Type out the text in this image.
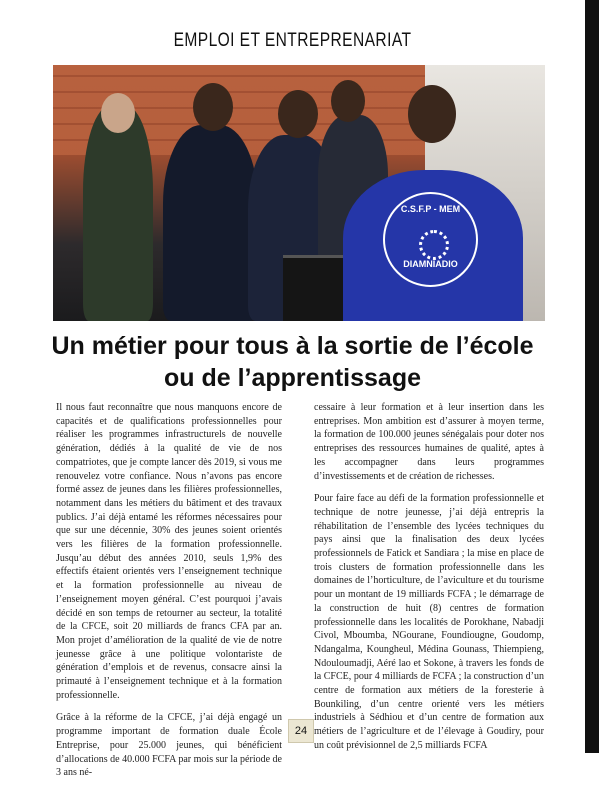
EMPLOI ET ENTREPRENARIAT
C.S.F.P - MEM
DIAMNIADIO
Un métier pour tous à la sortie de l’école
ou de l’apprentissage

Il nous faut reconnaître que nous manquons encore de capacités et de qualifications professionnelles pour réaliser les programmes infrastructurels de nouvelle génération, dédiés à la qualité de vie de nos compatriotes, que je compte lancer dès 2019, si vous me renouvelez votre confiance. Nous n’avons pas encore formé assez de jeunes dans les filières professionnelles, notamment dans les métiers du bâtiment et des travaux publics. J’ai déjà entamé les réformes nécessaires pour que sur une décennie, 30% des jeunes soient orientés vers les filières de la formation professionnelle. Jusqu’au début des années 2010, seuls 1,9% des effectifs étaient orientés vers l’enseignement technique et la formation professionnelle au niveau de l’enseignement moyen général. C’est pourquoi j’avais décidé en son temps de retourner au secteur, la totalité de la CFCE, soit 20 milliards de francs CFA par an. Mon projet d’amélioration de la qualité de vie de notre jeunesse grâce à une politique volontariste de génération d’emplois et de revenus, consacre ainsi la primauté à l’enseignement technique et à la formation professionnelle.

Grâce à la réforme de la CFCE, j’ai déjà engagé un programme important de formation duale École Entreprise, pour 25.000 jeunes, qui bénéficient d’allocations de 40.000 FCFA par mois sur la période de 3 ans né-

cessaire à leur formation et à leur insertion dans les entreprises. Mon ambition est d’assurer à moyen terme, la formation de 100.000 jeunes sénégalais pour doter nos entreprises des ressources humaines de qualité, aptes à les accompagner dans leurs programmes d’investissements et de création de richesses.

Pour faire face au défi de la formation professionnelle et technique de notre jeunesse, j’ai déjà entrepris la réhabilitation de l’ensemble des lycées techniques du pays ainsi que la finalisation des deux lycées professionnels de Fatick et Sandiara ; la mise en place de trois clusters de formation professionnelle dans les domaines de l’horticulture, de l’aviculture et du tourisme pour un montant de 19 milliards FCFA ; le démarrage de la construction de huit (8) centres de formation professionnelle dans les localités de Porokhane, Nabadji Civol, Mboumba, NGourane, Foundiougne, Goudomp, Ndangalma, Koungheul, Médina Gounass, Thiempieng, Ndouloumadji, Aéré lao et Sokone, à travers les fonds de la CFCE, pour 4 milliards de FCFA ; la construction d’un centre de formation aux métiers de la foresterie à Bounkiling, d’un centre orienté vers les métiers industriels à Sédhiou et d’un centre de formation aux métiers de l’agriculture et de l’élevage à Goudiry, pour un coût prévisionnel de 2,5 milliards FCFA

24
